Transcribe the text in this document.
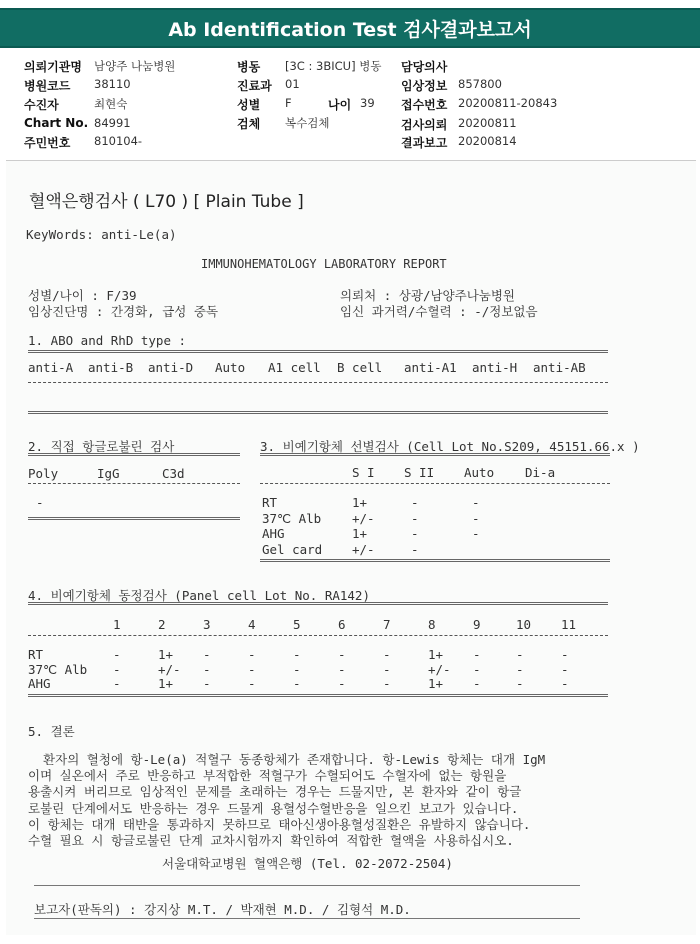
Ab Identification Test 검사결과보고서
의뢰기관명 남양주 나눔병원
병원코드 38110
수진자	최현숙
Chart No. 84991
주민번호 810104-
병동 [3C : 3BICU] 병동
진료과 01
성별 F	나이 39
검체 복수검체
담당의사
임상정보 857800
접수번호 20200811-20843
검사의뢰 20200811
결과보고 20200814
혈액은행검사 ( L70 ) [ Plain Tube ]
KeyWords: anti-Le(a)
IMMUNOHEMATOLOGY LABORATORY REPORT
성별/나이 : F/39
임상진단명 : 간경화, 급성 중독
의뢰처 : 상광/남양주나눔병원
임신 과거력/수혈력 : -/정보없음
1. ABO and RhD type :
anti-A anti-B anti-D Auto A1 cell B cell anti-A1 anti-H anti-AB
2. 직접 항글로불린 검사
Poly	IgG	C3d
-
3. 비예기항체 선별검사 (Cell Lot No.S209, 45151.66.x )
S I S II Auto Di-a
RT	1+	-	-
37℃ Alb +/-	-	-
AHG	1+	-	-
Gel card +/-	-
4. 비예기항체 동정검사 (Panel cell Lot No. RA142)
1	2	3	4	5	6	7	8	9	10 11
RT	-	1+ -	-	-	-	-	1+ -	-	-
37℃ Alb -	+/- -	-	-	-	-	+/- -	-	-
AHG	-	1+ -	-	-	-	-	1+ -	-	-
5. 결론
환자의 혈청에 항-Le(a) 적혈구 동종항체가 존재합니다. 항-Lewis 항체는 대개 IgM
이며 실온에서 주로 반응하고 부적합한 적혈구가 수혈되어도 수혈자에 없는 항원을
용출시켜 버리므로 임상적인 문제를 초래하는 경우는 드물지만, 본 환자와 같이 항글
로불린 단계에서도 반응하는 경우 드물게 용혈성수혈반응을 일으킨 보고가 있습니다.
이 항체는 대개 태반을 통과하지 못하므로 태아신생아용혈성질환은 유발하지 않습니다.
수혈 필요 시 항글로불린 단계 교차시험까지 확인하여 적합한 혈액을 사용하십시오.
서울대학교병원 혈액은행 (Tel. 02-2072-2504)
보고자(판독의) : 강지상 M.T. / 박재현 M.D. / 김형석 M.D.
